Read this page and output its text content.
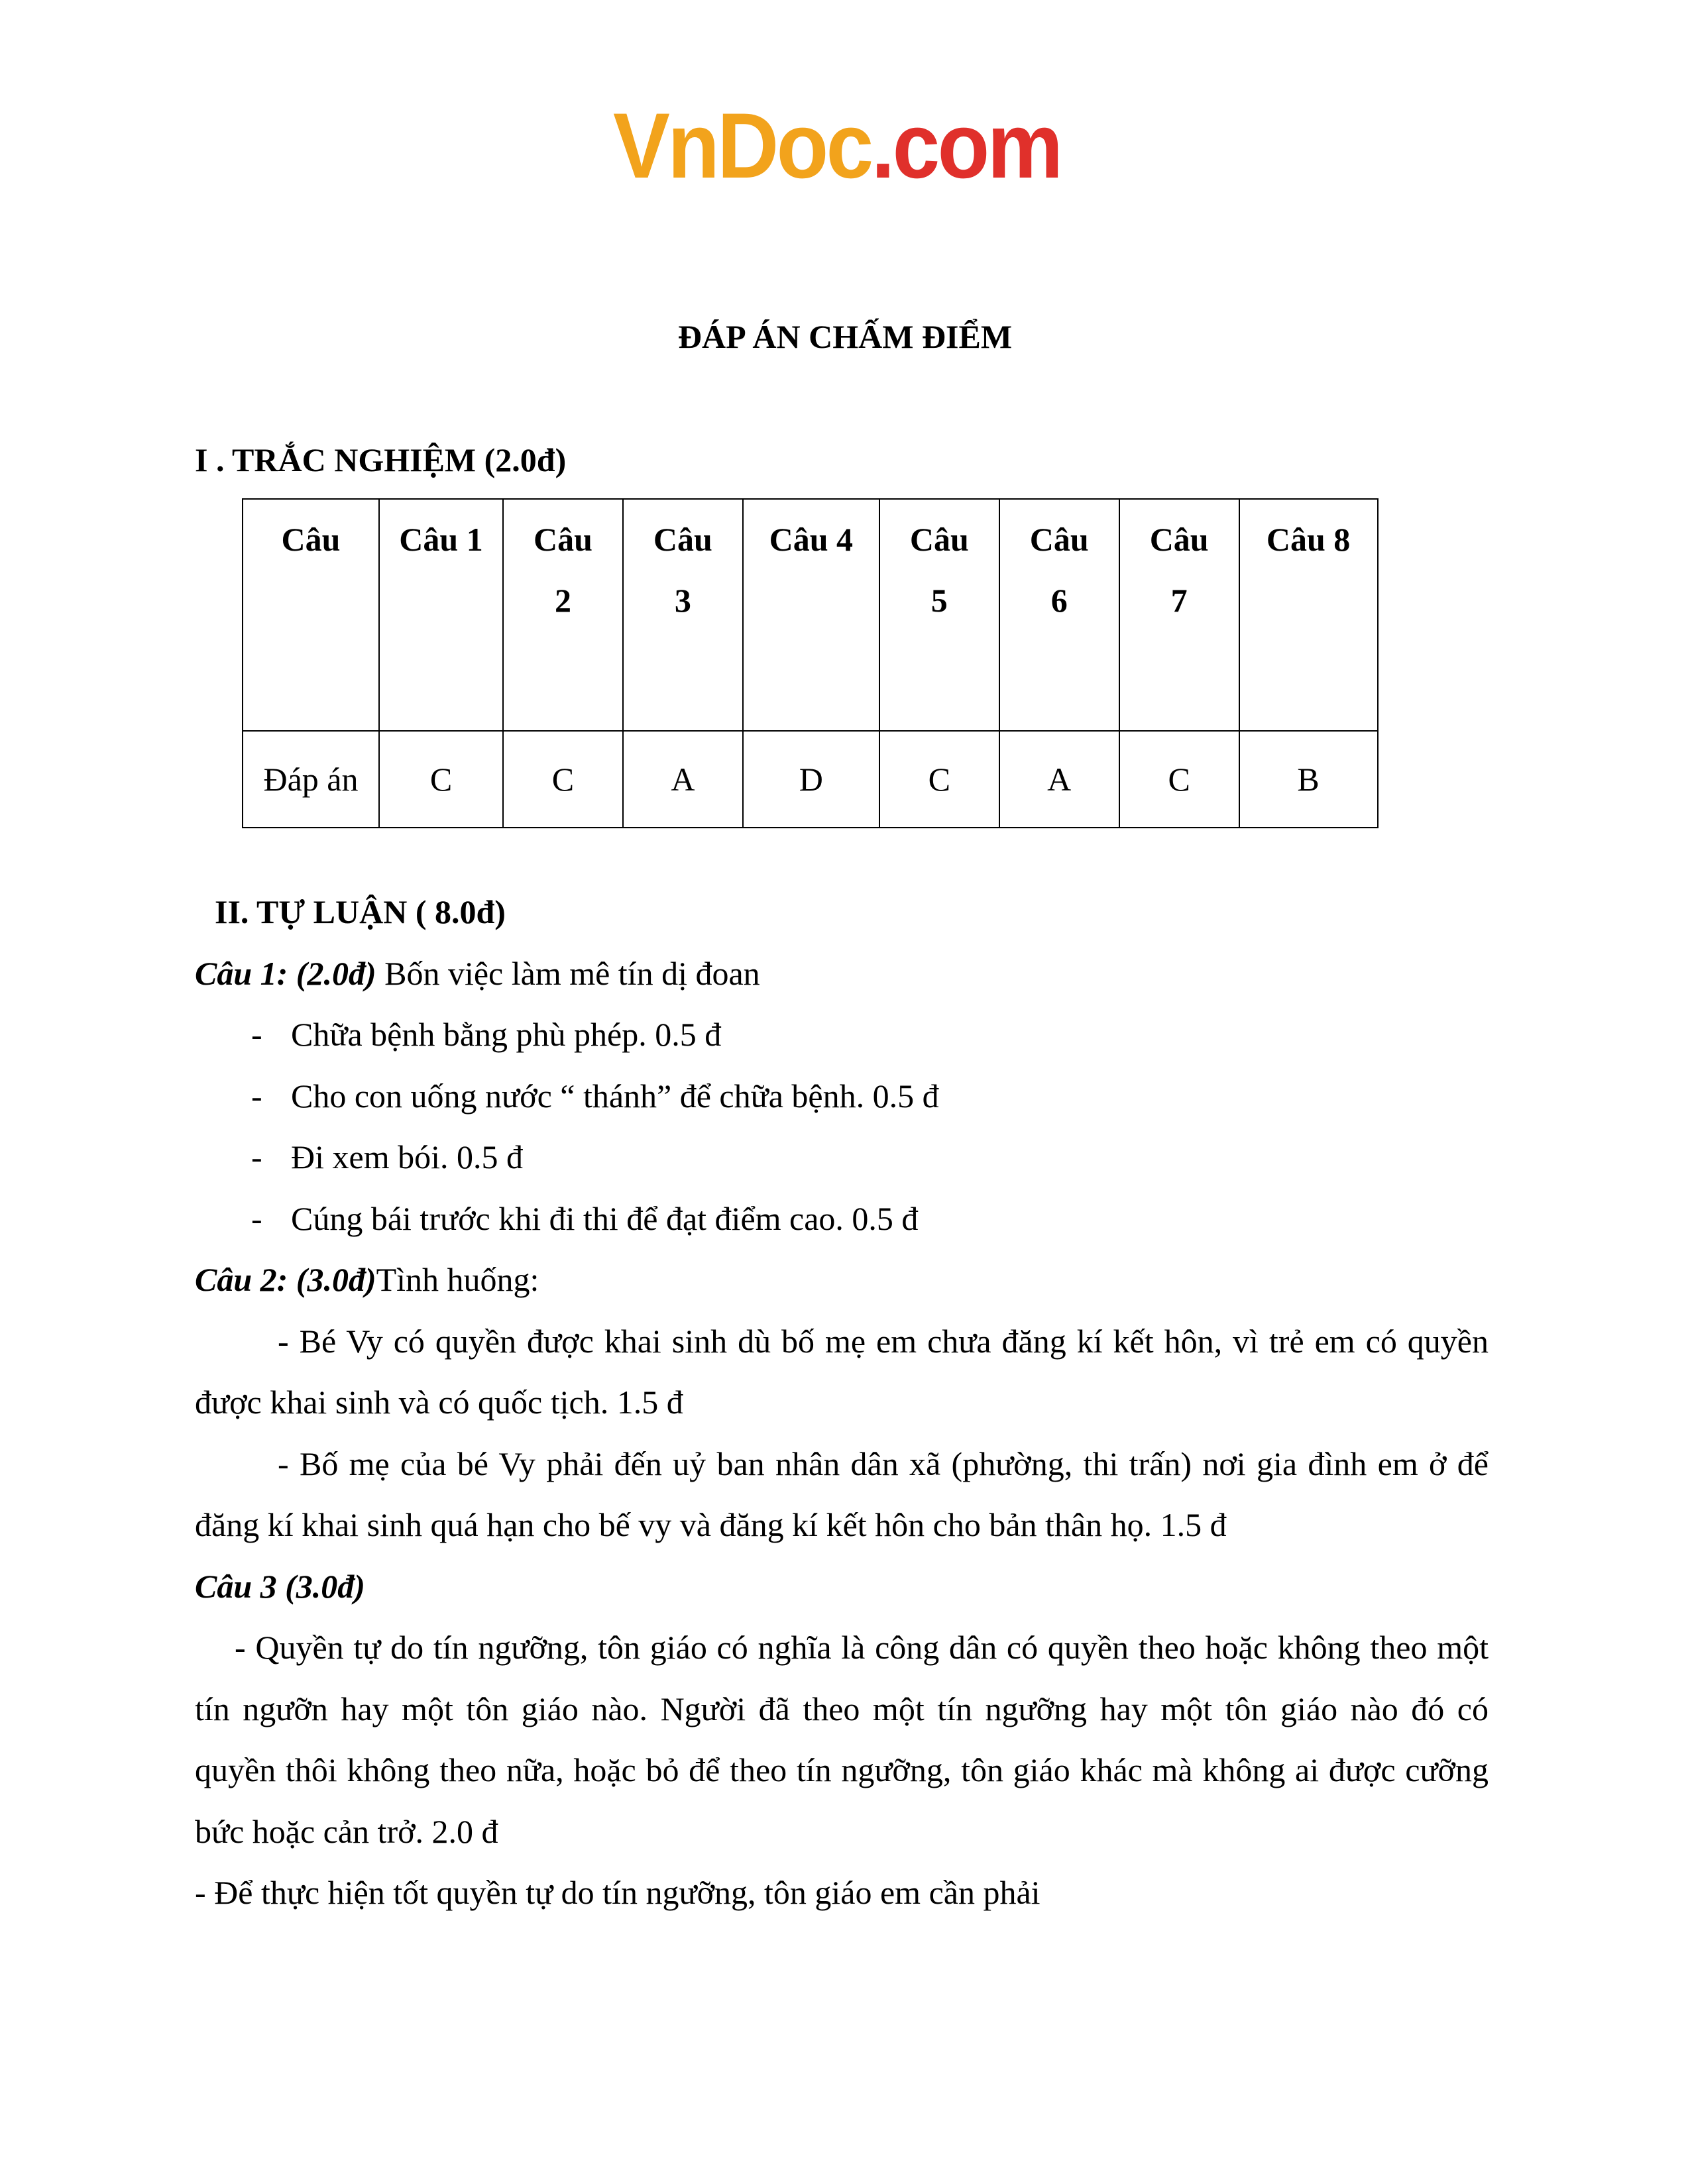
VnDoc.com
ĐÁP ÁN CHẤM ĐIỂM
I . TRẮC NGHIỆM (2.0đ)
Câu	Câu 1	Câu 2	Câu 3	Câu 4	Câu 5	Câu 6	Câu 7	Câu 8
Đáp án	C	C	A	D	C	A	C	B

II. TỰ LUẬN ( 8.0đ)

Câu 1: (2.0đ) Bốn việc làm mê tín dị đoan

- Chữa bệnh bằng phù phép. 0.5 đ

- Cho con uống nước “ thánh” để chữa bệnh. 0.5 đ

- Đi xem bói. 0.5 đ

- Cúng bái trước khi đi thi để đạt điểm cao. 0.5 đ

Câu 2: (3.0đ)Tình huống:

- Bé Vy có quyền được khai sinh dù bố mẹ em chưa đăng kí kết hôn, vì trẻ em có quyền được khai sinh và có quốc tịch. 1.5 đ

- Bố mẹ của bé Vy phải đến uỷ ban nhân dân xã (phường, thi trấn) nơi gia đình em ở để đăng kí khai sinh quá hạn cho bế vy và đăng kí kết hôn cho bản thân họ. 1.5 đ

Câu 3 (3.0đ)

- Quyền tự do tín ngưỡng, tôn giáo có nghĩa là công dân có quyền theo hoặc không theo một tín ngưỡn hay một tôn giáo nào. Người đã theo một tín ngưỡng hay một tôn giáo nào đó có quyền thôi không theo nữa, hoặc bỏ để theo tín ngưỡng, tôn giáo khác mà không ai được cưỡng bức hoặc cản trở. 2.0 đ

- Để thực hiện tốt quyền tự do tín ngưỡng, tôn giáo em cần phải
